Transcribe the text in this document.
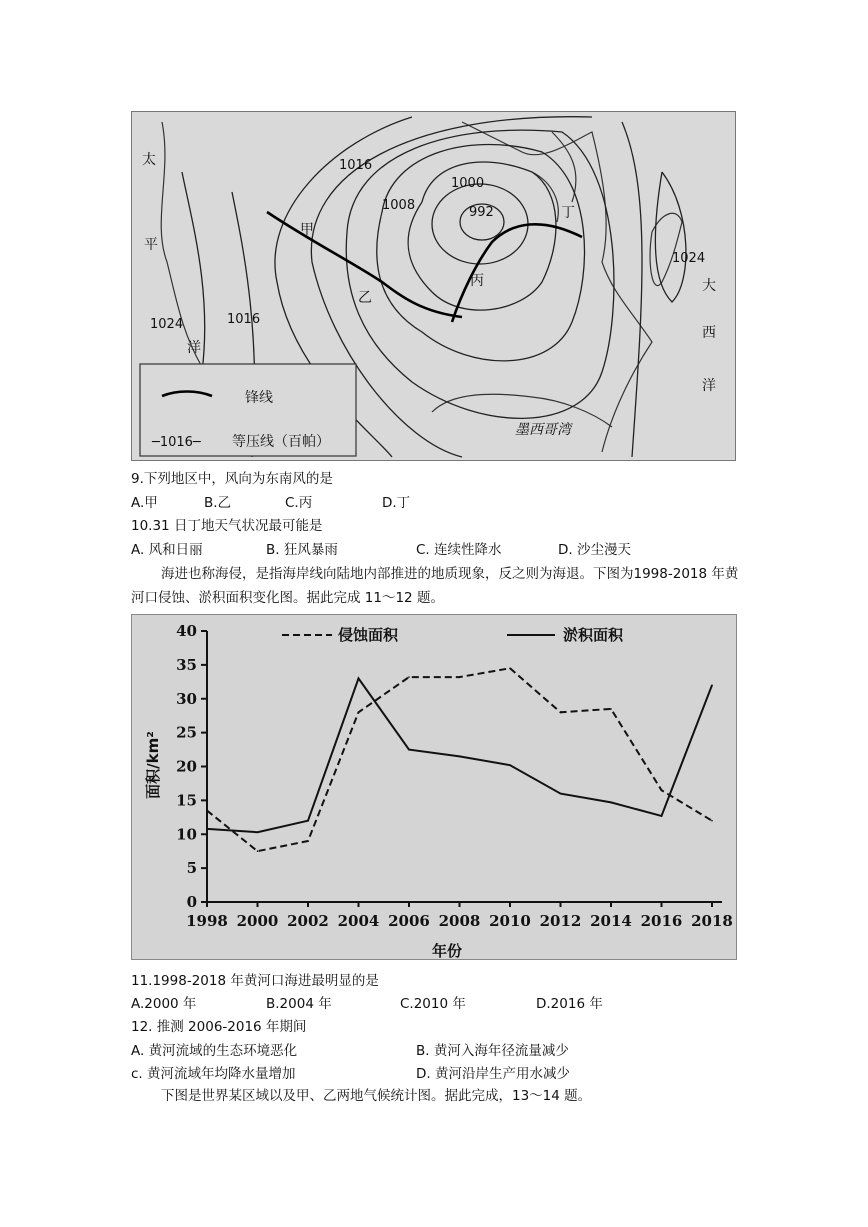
1016
1008
1000
992
1016
1024
1024
甲
乙
丙
丁
太
平
洋
大
西
洋
墨西哥湾
锋线
─1016─ 等压线（百帕）
9.下列地区中，风向为东南风的是
A.甲	B.乙	C.丙	D.丁
10.31 日丁地天气状况最可能是
A. 风和日丽	B. 狂风暴雨	C. 连续性降水	D. 沙尘漫天
海进也称海侵，是指海岸线向陆地内部推进的地质现象，反之则为海退。下图为1998-2018 年黄河口侵蚀、淤积面积变化图。据此完成 11～12 题。
0
5
10
15
20
25
30
35
40
1998 2000 2002 2004 2006 2008 2010 2012 2014 2016 2018
侵蚀面积	淤积面积
年份
面积/km²
11.1998-2018 年黄河口海进最明显的是
A.2000 年	B.2004 年	C.2010 年	D.2016 年
12. 推测 2006-2016 年期间
A. 黄河流域的生态环境恶化	B. 黄河入海年径流量减少
c. 黄河流域年均降水量增加	D. 黄河沿岸生产用水减少
下图是世界某区域以及甲、乙两地气候统计图。据此完成，13～14 题。
